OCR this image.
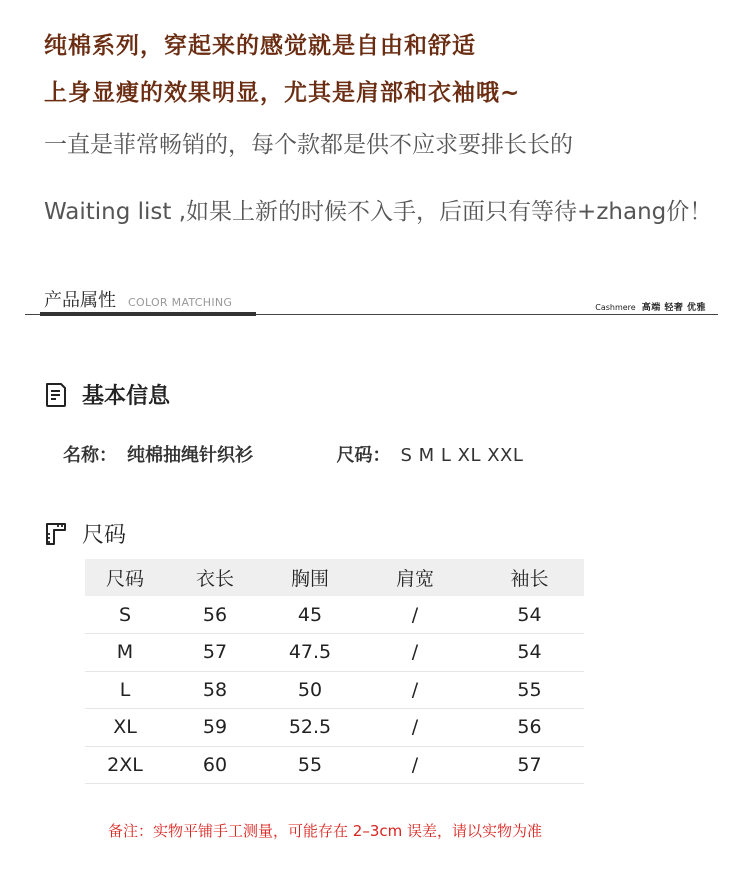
纯棉系列，穿起来的感觉就是自由和舒适
上身显瘦的效果明显，尤其是肩部和衣袖哦~
一直是菲常畅销的，每个款都是供不应求要排长长的
Waiting list ,如果上新的时候不入手，后面只有等待+zhang价！
产品属性 COLOR MATCHING	Cashmere 高端 轻奢 优雅
基本信息
名称： 纯棉抽绳针织衫	尺码： S M L XL XXL
尺码
尺码	衣长	胸围	肩宽	袖长
S	56	45	/	54
M	57	47.5	/	54
L	58	50	/	55
XL	59	52.5	/	56
2XL	60	55	/	57
备注：实物平铺手工测量，可能存在 2–3cm 误差，请以实物为准
